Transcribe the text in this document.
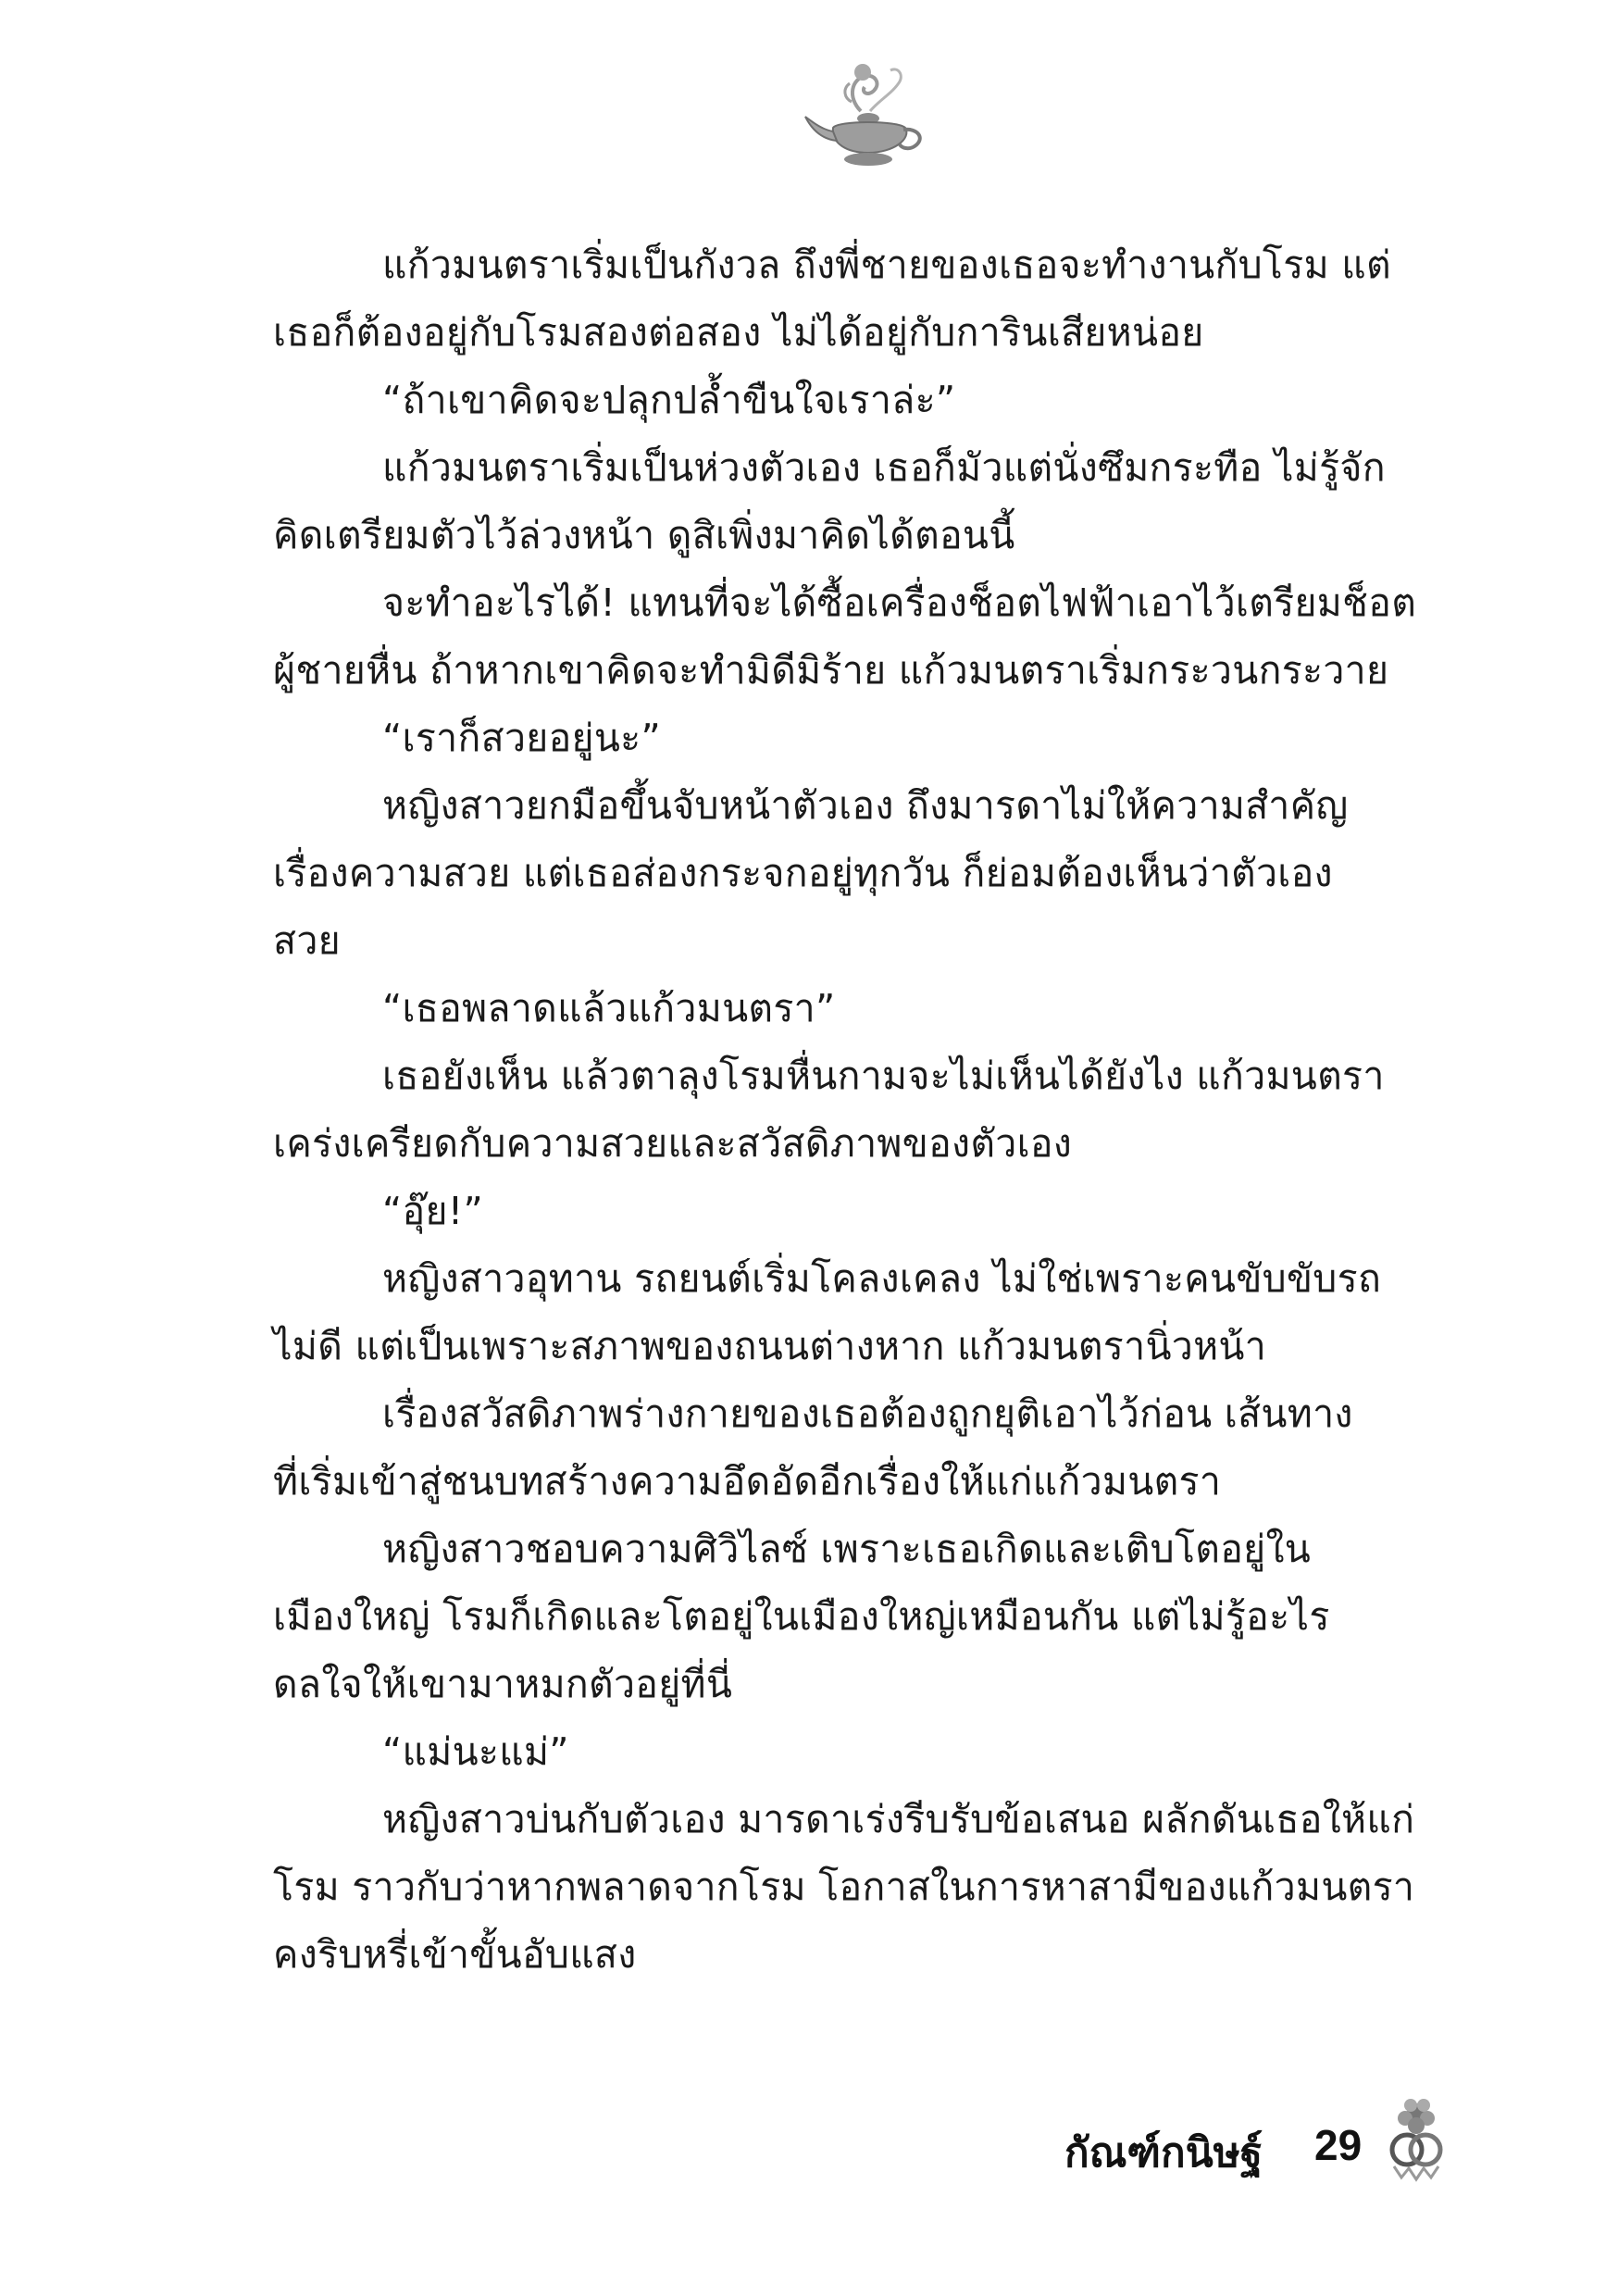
แก้วมนตราเริ่มเป็นกังวล ถึงพี่ชายของเธอจะทำงานกับโรม แต่
เธอก็ต้องอยู่กับโรมสองต่อสอง ไม่ได้อยู่กับการินเสียหน่อย
“ถ้าเขาคิดจะปลุกปล้ำขืนใจเราล่ะ”
แก้วมนตราเริ่มเป็นห่วงตัวเอง เธอก็มัวแต่นั่งซึมกระทือ ไม่รู้จัก
คิดเตรียมตัวไว้ล่วงหน้า ดูสิเพิ่งมาคิดได้ตอนนี้
จะทำอะไรได้! แทนที่จะได้ซื้อเครื่องช็อตไฟฟ้าเอาไว้เตรียมช็อต
ผู้ชายหื่น ถ้าหากเขาคิดจะทำมิดีมิร้าย แก้วมนตราเริ่มกระวนกระวาย
“เราก็สวยอยู่นะ”
หญิงสาวยกมือขึ้นจับหน้าตัวเอง ถึงมารดาไม่ให้ความสำคัญ
เรื่องความสวย แต่เธอส่องกระจกอยู่ทุกวัน ก็ย่อมต้องเห็นว่าตัวเอง
สวย
“เธอพลาดแล้วแก้วมนตรา”
เธอยังเห็น แล้วตาลุงโรมหื่นกามจะไม่เห็นได้ยังไง แก้วมนตรา
เคร่งเครียดกับความสวยและสวัสดิภาพของตัวเอง
“อุ๊ย!”
หญิงสาวอุทาน รถยนต์เริ่มโคลงเคลง ไม่ใช่เพราะคนขับขับรถ
ไม่ดี แต่เป็นเพราะสภาพของถนนต่างหาก แก้วมนตรานิ่วหน้า
เรื่องสวัสดิภาพร่างกายของเธอต้องถูกยุติเอาไว้ก่อน เส้นทาง
ที่เริ่มเข้าสู่ชนบทสร้างความอึดอัดอีกเรื่องให้แก่แก้วมนตรา
หญิงสาวชอบความศิวิไลซ์ เพราะเธอเกิดและเติบโตอยู่ใน
เมืองใหญ่ โรมก็เกิดและโตอยู่ในเมืองใหญ่เหมือนกัน แต่ไม่รู้อะไร
ดลใจให้เขามาหมกตัวอยู่ที่นี่
“แม่นะแม่”
หญิงสาวบ่นกับตัวเอง มารดาเร่งรีบรับข้อเสนอ ผลักดันเธอให้แก่
โรม ราวกับว่าหากพลาดจากโรม โอกาสในการหาสามีของแก้วมนตรา
คงริบหรี่เข้าขั้นอับแสง
กัณฑ์กนิษฐ์ 29
